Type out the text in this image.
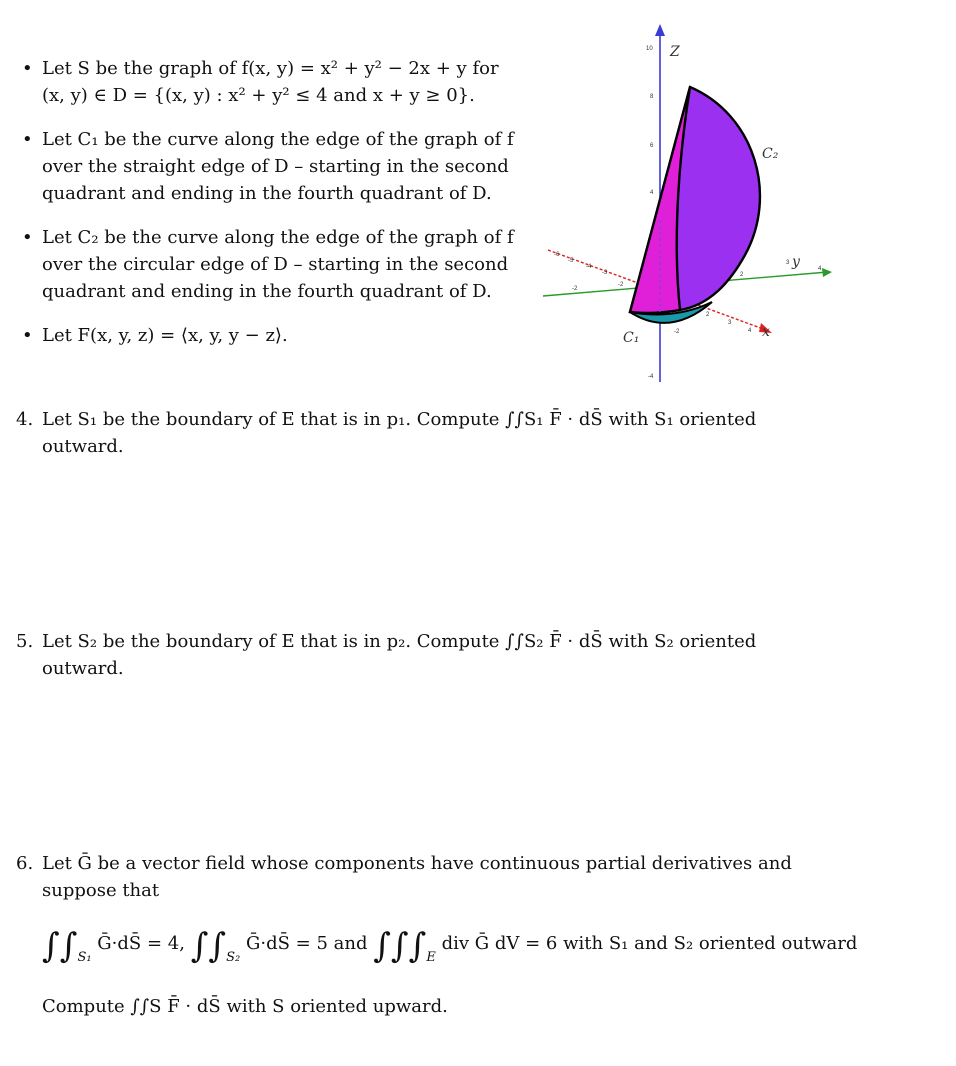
• Let S be the graph of f(x, y) = x² + y² − 2x + y for
(x, y) ∈ D = {(x, y) : x² + y² ≤ 4 and x + y ≥ 0}.
• Let C₁ be the curve along the edge of the graph of f
over the straight edge of D – starting in the second
quadrant and ending in the fourth quadrant of D.
• Let C₂ be the curve along the edge of the graph of f
over the circular edge of D – starting in the second
quadrant and ending in the fourth quadrant of D.
• Let F(x, y, z) = ⟨x, y, y − z⟩.
Z
10
8
6
4
-2
-4
y
-2
2
4
3
x
-6
-5
-4
-3
-2
2
3
4
C₂
C₁
4. Let S₁ be the boundary of E that is in p₁. Compute ∫∫S₁ F̄ · dS̄ with S₁ oriented
outward.
5. Let S₂ be the boundary of E that is in p₂. Compute ∫∫S₂ F̄ · dS̄ with S₂ oriented
outward.
6. Let Ḡ be a vector field whose components have continuous partial derivatives and
suppose that
$\int\int_{S_1}$ Ḡ·dS̄ = 4, $\int\int_{S_2}$ Ḡ·dS̄ = 5 and $\int\int\int_E$ div Ḡ dV = 6 with S₁ and S₂ oriented outward
Compute ∫∫S F̄ · dS̄ with S oriented upward.
